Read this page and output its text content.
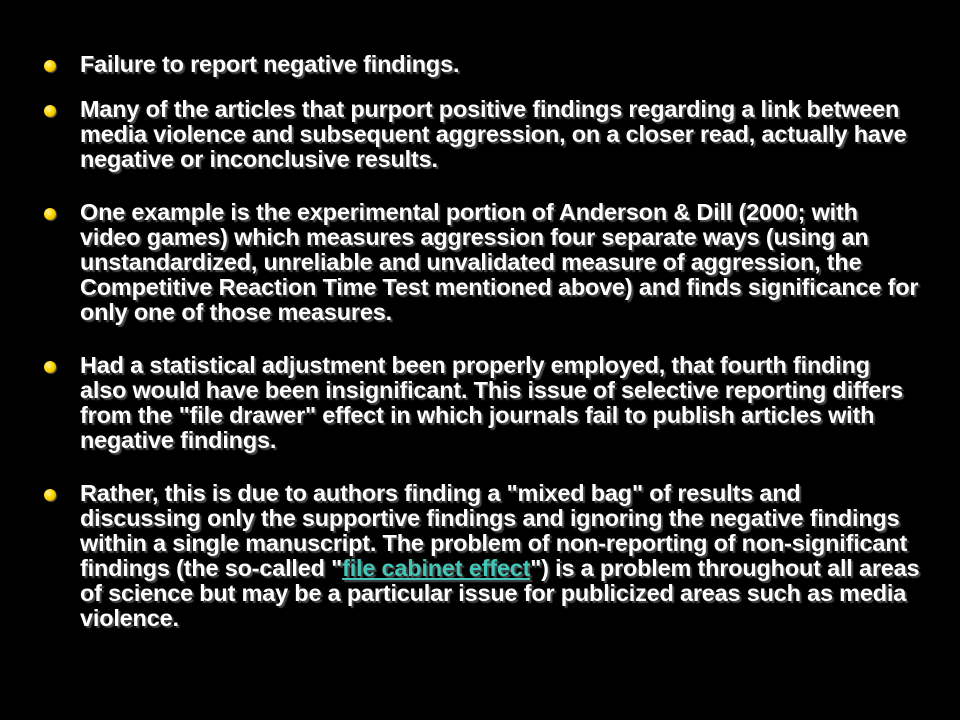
Failure to report negative findings.
Many of the articles that purport positive findings regarding a link between media violence and subsequent aggression, on a closer read, actually have negative or inconclusive results.
One example is the experimental portion of Anderson & Dill (2000; with video games) which measures aggression four separate ways (using an unstandardized, unreliable and unvalidated measure of aggression, the Competitive Reaction Time Test mentioned above) and finds significance for only one of those measures.
Had a statistical adjustment been properly employed, that fourth finding also would have been insignificant. This issue of selective reporting differs from the "file drawer" effect in which journals fail to publish articles with negative findings.
Rather, this is due to authors finding a "mixed bag" of results and discussing only the supportive findings and ignoring the negative findings within a single manuscript. The problem of non-reporting of non-significant findings (the so-called "file cabinet effect") is a problem throughout all areas of science but may be a particular issue for publicized areas such as media violence.
